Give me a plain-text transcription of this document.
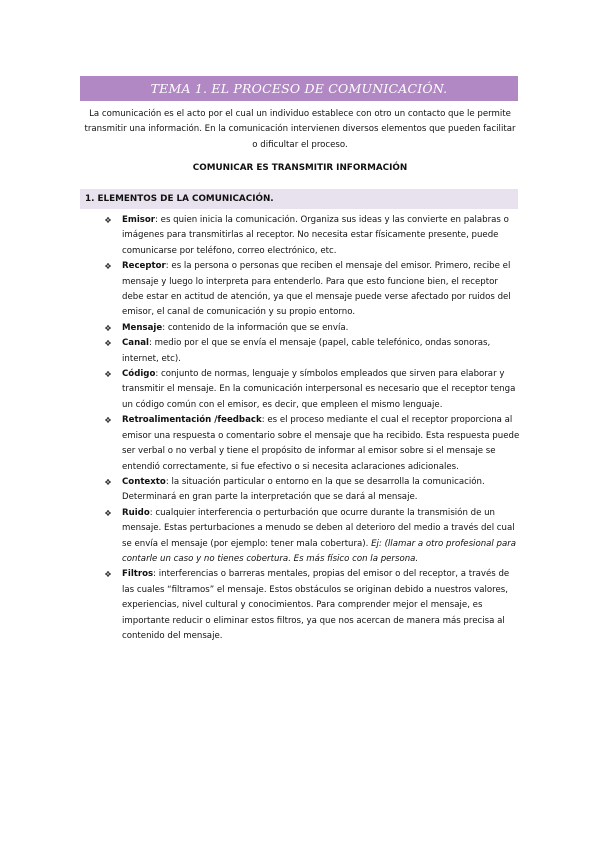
TEMA 1. EL PROCESO DE COMUNICACIÓN.

La comunicación es el acto por el cual un individuo establece con otro un contacto que le permite transmitir una información. En la comunicación intervienen diversos elementos que pueden facilitar o dificultar el proceso.

COMUNICAR ES TRANSMITIR INFORMACIÓN
1. ELEMENTOS DE LA COMUNICACIÓN.
❖ Emisor: es quien inicia la comunicación. Organiza sus ideas y las convierte en palabras o imágenes para transmitirlas al receptor. No necesita estar físicamente presente, puede comunicarse por teléfono, correo electrónico, etc.
❖ Receptor: es la persona o personas que reciben el mensaje del emisor. Primero, recibe el mensaje y luego lo interpreta para entenderlo. Para que esto funcione bien, el receptor debe estar en actitud de atención, ya que el mensaje puede verse afectado por ruidos del emisor, el canal de comunicación y su propio entorno.
❖ Mensaje: contenido de la información que se envía.
❖ Canal: medio por el que se envía el mensaje (papel, cable telefónico, ondas sonoras, internet, etc).
❖ Código: conjunto de normas, lenguaje y símbolos empleados que sirven para elaborar y transmitir el mensaje. En la comunicación interpersonal es necesario que el receptor tenga un código común con el emisor, es decir, que empleen el mismo lenguaje.
❖ Retroalimentación /feedback: es el proceso mediante el cual el receptor proporciona al emisor una respuesta o comentario sobre el mensaje que ha recibido. Esta respuesta puede ser verbal o no verbal y tiene el propósito de informar al emisor sobre si el mensaje se entendió correctamente, si fue efectivo o si necesita aclaraciones adicionales.
❖ Contexto: la situación particular o entorno en la que se desarrolla la comunicación. Determinará en gran parte la interpretación que se dará al mensaje.
❖ Ruido: cualquier interferencia o perturbación que ocurre durante la transmisión de un mensaje. Estas perturbaciones a menudo se deben al deterioro del medio a través del cual se envía el mensaje (por ejemplo: tener mala cobertura). Ej: (llamar a otro profesional para contarle un caso y no tienes cobertura. Es más físico con la persona.
❖ Filtros: interferencias o barreras mentales, propias del emisor o del receptor, a través de las cuales “filtramos” el mensaje. Estos obstáculos se originan debido a nuestros valores, experiencias, nivel cultural y conocimientos. Para comprender mejor el mensaje, es importante reducir o eliminar estos filtros, ya que nos acercan de manera más precisa al contenido del mensaje.
